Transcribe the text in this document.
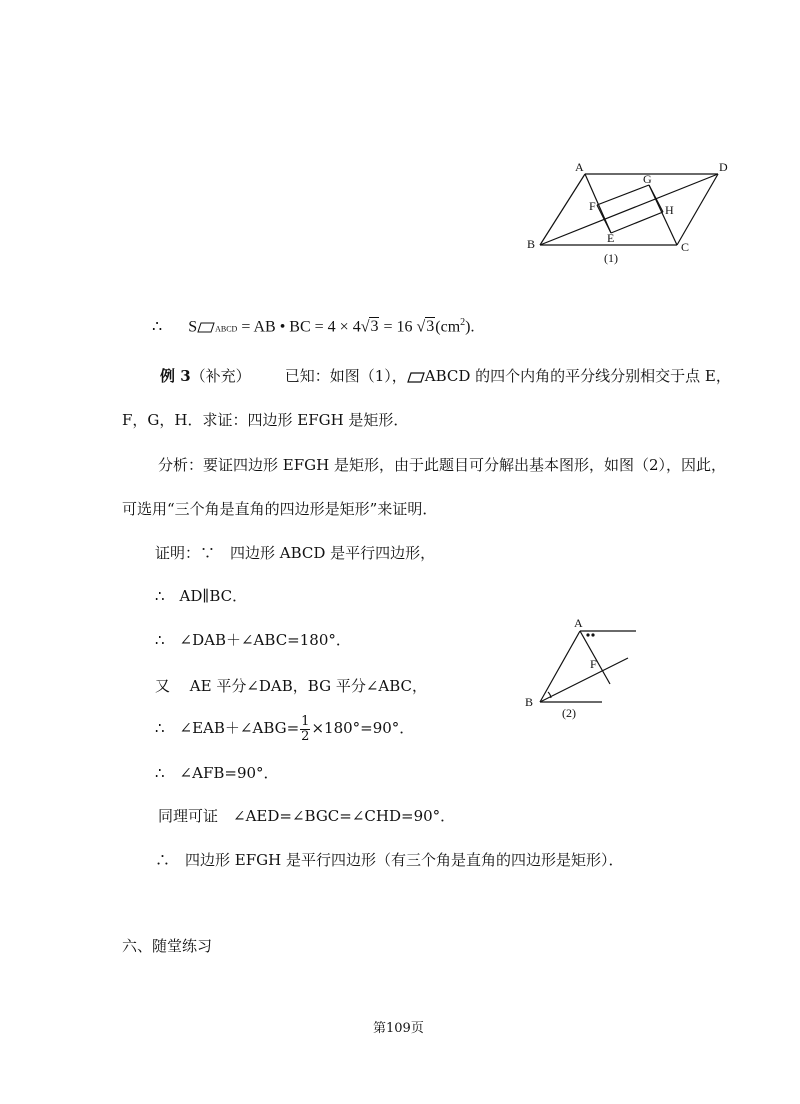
A	D
G
F	H
B	E
C
(1)
∴ S ABCD = AB • BC = 4 × 4√3 = 16 $√3(cm^2)$.
例 3（补充） 已知：如图（1）， ABCD 的四个内角的平分线分别相交于点 E，
F，G，H．求证：四边形 EFGH 是矩形．
分析：要证四边形 EFGH 是矩形，由于此题目可分解出基本图形，如图（2），因此，
可选用“三个角是直角的四边形是矩形”来证明．
证明：∵　四边形 ABCD 是平行四边形，
∴　AD∥BC．
∴　∠DAB＋∠ABC=180°．
又　 AE 平分∠DAB，BG 平分∠ABC，
∴　∠EAB＋∠ABG= $\frac{1}{2} \times 180^\circ=90^\circ$．
∴　∠AFB=90°．
同理可证　∠AED=∠BGC=∠CHD=90°．
∴　四边形 EFGH 是平行四边形（有三个角是直角的四边形是矩形）．
A
F
B
(2)
六、随堂练习
第109页
